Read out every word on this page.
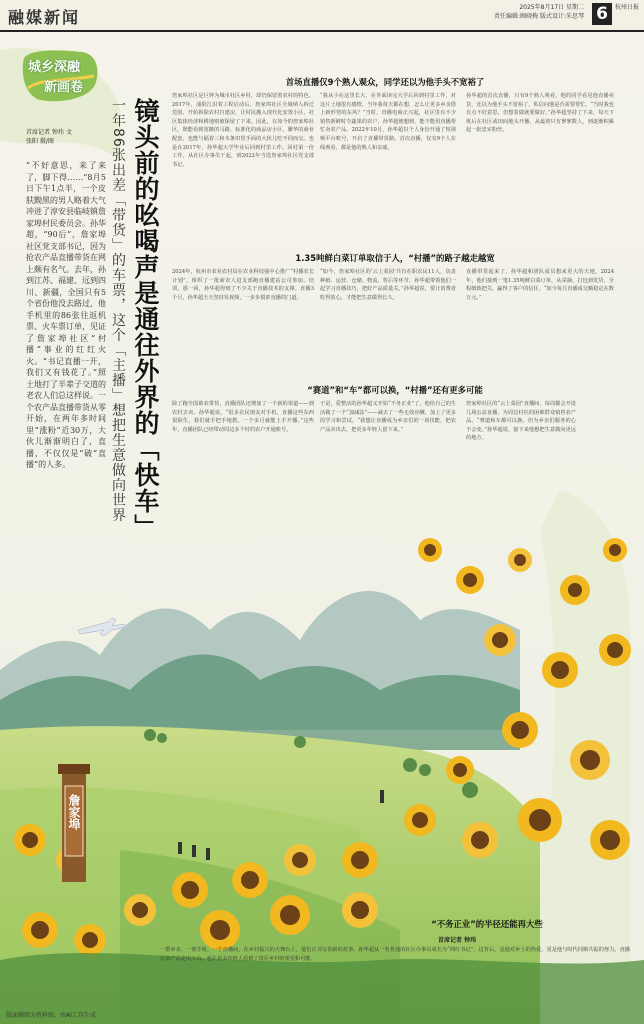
融媒新闻
2025年8月17日 星期二
责任编辑:顾晓梅 版式设计:朱思琴 6	杭州日报
城乡深融
新画卷
镜头前的吆喝声是通往外界的「快车」
一年86张出差「带货」的车票，这个「主播」想把生意做向世界
首席记者 钟玮 文
张阳 摄/图
“不好意思，来了来了，脚下得……”8月5日下午1点半，一个皮肤黝黑的男人略着大气冲进了淳安县临岐镇詹家埠村民委员会。孙华超，“90后”，詹家埠社区党支部书记，因为抢农产品直播带货在网上颇有名气。去年，孙到江苏、福建、远到四川、新疆，全国只有5个省份他没去路过，他手机里的86张往返机票、火车票订单，见证了詹家埠社区“村播”事业的红红火火。“书记直播一开，我们又有钱花了。”照土地打了半辈子交道的老农人们总这样说。一个农产品直播带货从零开始，在两年多时间里“涨粉”近30万，大伙儿渐渐明白了，直播，不仅仅是“破“直播”的人多。
首场直播仅9个熟人观众，同学还以为他手头不宽裕了
詹家埠社区是巨钟为城市社区乡村，却仍保留着农村的特色。2017年，浦阳江沿着工程启动后，詹家埠社区全域纳入拆迁范围，开始拆除农村自建房，让村民搬入现代化安置小区，社区集体经济和耕地则被保留了下来。因此，在如今的詹家埠社区，既能看到宽敞的马路、标准化的商品房小区，繁华的商业配套，也能与隔着三和木条田里手面的大伙儿吃不同而交。也是在2017年，孙华超大学毕业后回到村里工作。回村第一份工作，从社区办事员干起，到2022年当选詹家埠社区党支部书记。
“我从小在这里长大，在外面读完大学后回到村里工作，对这片土地很有感情。当年我每天都在想，怎么让更多乡亲借上新形势的东风？”当时，直播电商正兴起，社区里有不少销售新鲜时令蔬果的农户，孙华超便想到，能不能用直播帮忙卖农产品。2022年10月，孙华超以个人身份开通了短视频平台账号，开启了直播带货路。首次直播，仅有9个人在线观看，都是他的熟人和亲戚。
孙华超的首次直播，只有9个熟人观看，他的同学看见他直播卖货，还以为他手头不宽裕了，私信问他是否需要帮忙。“当时我也有点不好意思，但想着做就要做好。”孙华超坚持了下来，每天下班后在社区或田间地头开播，从最初只有寥寥数人，到逐渐积累起一批忠实粉丝。
1.35吨鲜白菜订单取信于人，“村播”的路子越走越宽
2024年，杭州市农业农村局在农业科技强中心推广“村播农长计划”，组织了一批新农人进支部跑直播建站公司参加、培训。那一回，孙华超得到了不少关于直播技术的支撑。直播3个月，孙华超天天坚持发视频，一步步摸索直播的门道。
“如今，詹家埠社区的‘云上菜园’共有在职农民11人，负责种植、运营、仓储、物流、售后等环节。孙华超带领他们一起学习直播技巧，把好产品质量关。”孙华超说，要让消费者吃得放心，才能把生意做得长久。
直播带货起来了，孙华超和团队成员想来更大的天地，2024年，他们接到一笔1.35吨鲜白菜订单，从采摘、打包到发货，全程细致把关，赢得了客户的信任。“如今每月直播成交额稳定在数万元。”
“赛道”和“车”都可以换，“村播”还有更多可能
除了跑全国助农带货，直播团队还增加了一个新的渠道——到农村去卖。孙华超说，“很多农民朋友对手机、直播这些东西很陌生，我们就手把手地教，一个多月就能上手开播。”这些年，直播团队已经带动周边多个村的农户开通账号。
于是，爱整活的孙华超又开始“不务正业”了，他给自己的生活做了一个“加减法”——减去了一些无效应酬，加上了更多的学习和尝试。“我想让直播成为乡亲们的一项技能，把农产品卖出去，把更多年轻人留下来。”
詹家埠社区的“云上菜园”直播间，每周都会开设几场公益直播，为周边村社的困难群众销售农产品。“赛道和车都可以换，但为乡亲们服务的心不会变。”孙华超说，接下来他想把生意做向更远的地方。
詹家埠
“不务正业”的半径还能再大些
首席记者 钟玮
一群乡亲、一部手机、一个直播间，在乡村振兴的大舞台上，他们正书写着新的故事。孙华超从一名普通的社区办事员成长为“网红书记”，这背后，是他对乡土的热爱，更是他与时代同频共振的努力。直播让农产品走出大山，也让更多年轻人看到了留在乡村的希望和可能。
版面插图为资料图，由AI工具生成
